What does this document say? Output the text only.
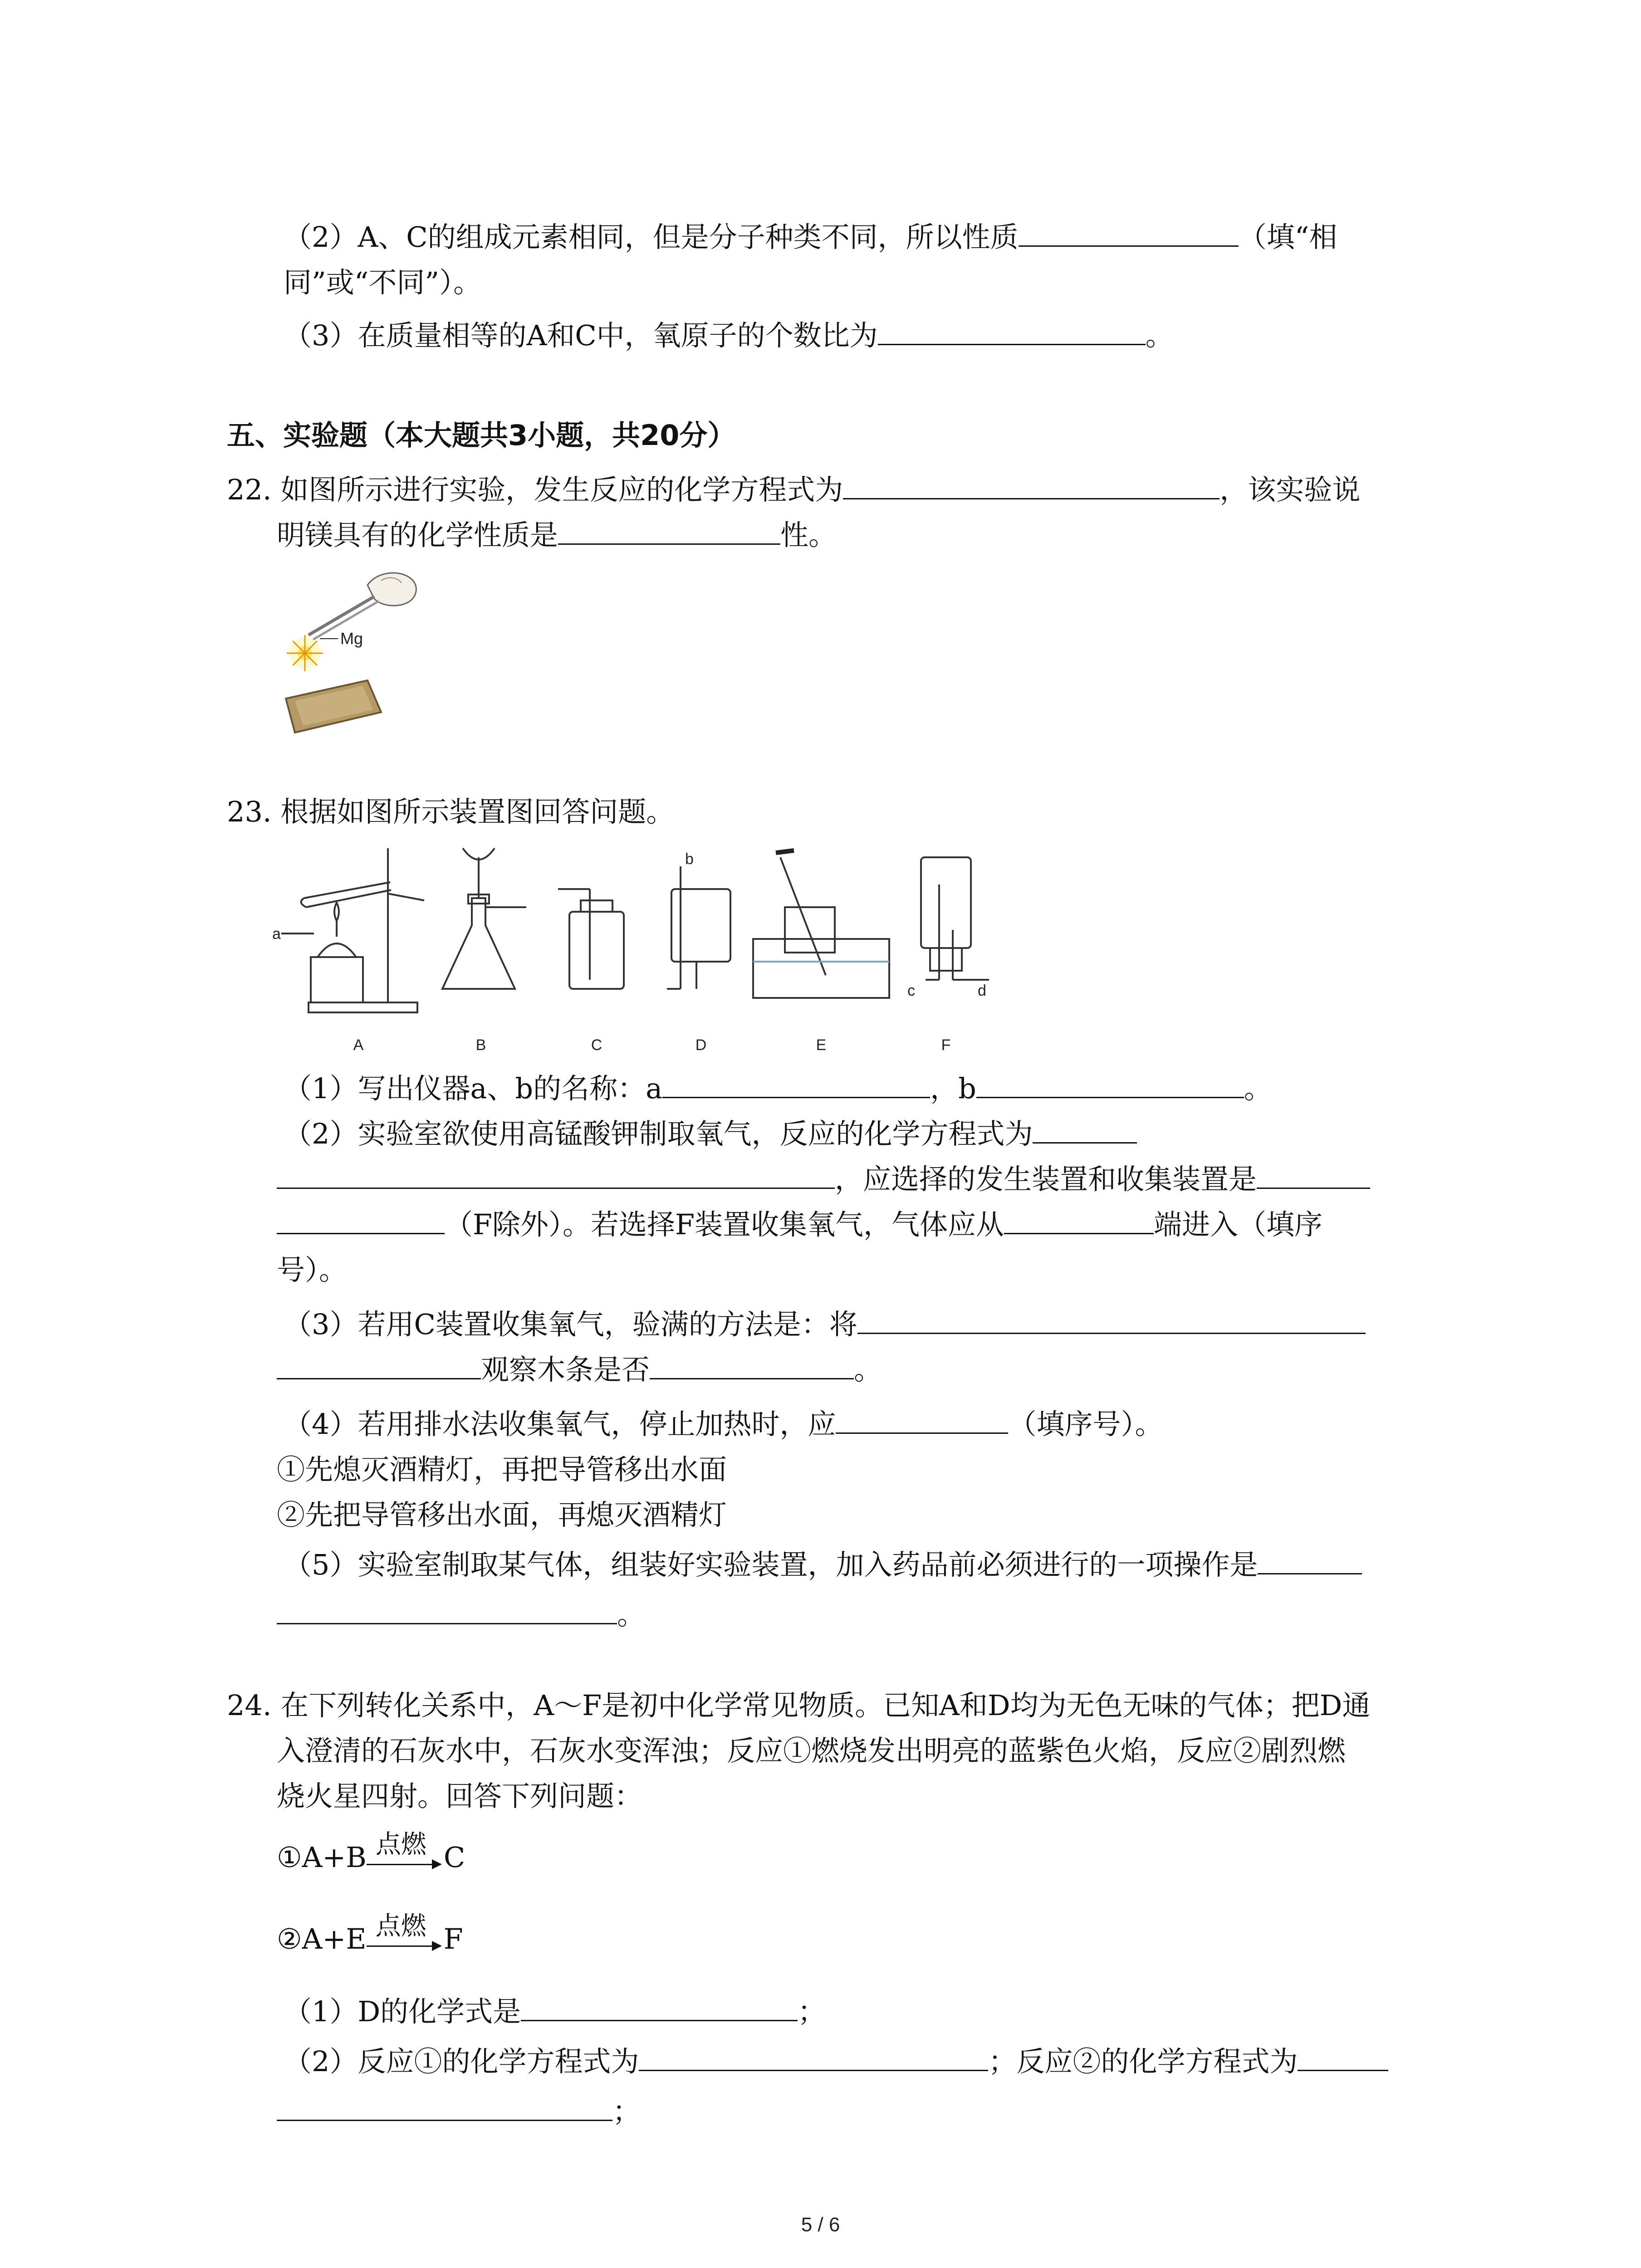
（2）A、C的组成元素相同，但是分子种类不同，所以性质	（填“相
同”或“不同”）。
（3）在质量相等的A和C中，氧原子的个数比为	。
五、实验题（本大题共3小题，共20分）
22. 如图所示进行实验，发生反应的化学方程式为	，该实验说
明镁具有的化学性质是	性。
Mg
23. 根据如图所示装置图回答问题。
a
b
c	d
A	B	C	D	E	F
（1）写出仪器a、b的名称：a	，b	。
（2）实验室欲使用高锰酸钾制取氧气，反应的化学方程式为
，应选择的发生装置和收集装置是
（F除外）。若选择F装置收集氧气，气体应从	端进入（填序
号）。
（3）若用C装置收集氧气，验满的方法是：将
观察木条是否	。
（4）若用排水法收集氧气，停止加热时，应	（填序号）。
①先熄灭酒精灯，再把导管移出水面
②先把导管移出水面，再熄灭酒精灯
（5）实验室制取某气体，组装好实验装置，加入药品前必须进行的一项操作是
。
24. 在下列转化关系中，A～F是初中化学常见物质。已知A和D均为无色无味的气体；把D通
入澄清的石灰水中，石灰水变浑浊；反应①燃烧发出明亮的蓝紫色火焰，反应②剧烈燃
烧火星四射。回答下列问题：
①A+B 点燃 C
②A+E 点燃 F
（1）D的化学式是	；
（2）反应①的化学方程式为	；反应②的化学方程式为
；
5 / 6
